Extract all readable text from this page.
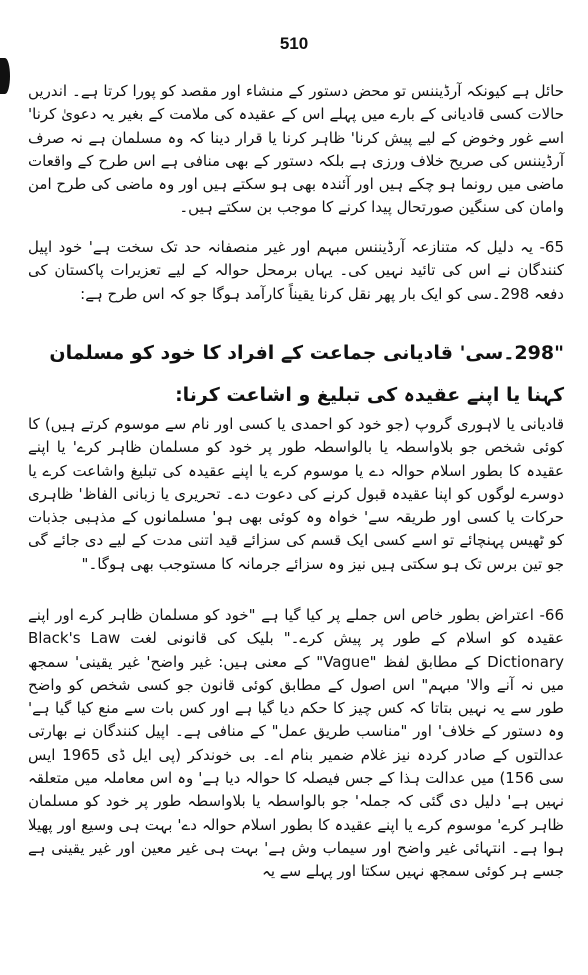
510
حائل ہے کیونکہ آرڈیننس تو محض دستور کے منشاء اور مقصد کو پورا کرتا ہے۔ اندریں حالات کسی قادیانی کے بارے میں پہلے اس کے عقیدہ کی ملامت کے بغیر یہ دعویٰ کرنا' اسے غور وخوض کے لیے پیش کرنا' ظاہر کرنا یا قرار دینا کہ وہ مسلمان ہے نہ صرف آرڈیننس کی صریح خلاف ورزی ہے بلکہ دستور کے بھی منافی ہے اس طرح کے واقعات ماضی میں رونما ہو چکے ہیں اور آئندہ بھی ہو سکتے ہیں اور وہ ماضی کی طرح امن وامان کی سنگین صورتحال پیدا کرنے کا موجب بن سکتے ہیں۔
65- یہ دلیل کہ متنازعہ آرڈیننس مبہم اور غیر منصفانہ حد تک سخت ہے' خود اپیل کنندگان نے اس کی تائید نہیں کی۔ یہاں برمحل حوالہ کے لیے تعزیرات پاکستان کی دفعہ 298۔سی کو ایک بار پھر نقل کرنا یقیناً کارآمد ہوگا جو کہ اس طرح ہے:
"298۔سی' قادیانی جماعت کے افراد کا خود کو مسلمان کہنا یا اپنے عقیدہ کی تبلیغ و اشاعت کرنا:
قادیانی یا لاہوری گروپ (جو خود کو احمدی یا کسی اور نام سے موسوم کرتے ہیں) کا کوئی شخص جو بلاواسطہ یا بالواسطہ طور پر خود کو مسلمان ظاہر کرے' یا اپنے عقیدہ کا بطور اسلام حوالہ دے یا موسوم کرے یا اپنے عقیدہ کی تبلیغ واشاعت کرے یا دوسرے لوگوں کو اپنا عقیدہ قبول کرنے کی دعوت دے۔ تحریری یا زبانی الفاظ' ظاہری حرکات یا کسی اور طریقہ سے' خواہ وہ کوئی بھی ہو' مسلمانوں کے مذہبی جذبات کو ٹھیس پہنچائے تو اسے کسی ایک قسم کی سزائے قید اتنی مدت کے لیے دی جائے گی جو تین برس تک ہو سکتی ہیں نیز وہ سزائے جرمانہ کا مستوجب بھی ہوگا۔"
66- اعتراض بطور خاص اس جملے پر کیا گیا ہے "خود کو مسلمان ظاہر کرے اور اپنے عقیدہ کو اسلام کے طور پر پیش کرے۔" بلیک کی قانونی لغت Black's Law Dictionary کے مطابق لفظ "Vague" کے معنی ہیں: غیر واضح' غیر یقینی' سمجھ میں نہ آنے والا' مبہم" اس اصول کے مطابق کوئی قانون جو کسی شخص کو واضح طور سے یہ نہیں بتاتا کہ کس چیز کا حکم دیا گیا ہے اور کس بات سے منع کیا گیا ہے' وہ دستور کے خلاف' اور "مناسب طریق عمل" کے منافی ہے۔ اپیل کنندگان نے بھارتی عدالتوں کے صادر کردہ نیز غلام ضمیر بنام اے۔ بی خوندکر (پی ایل ڈی 1965 ایس سی 156) میں عدالت ہذا کے جس فیصلہ کا حوالہ دیا ہے' وہ اس معاملہ میں متعلقہ نہیں ہے' دلیل دی گئی کہ جملہ' جو بالواسطہ یا بلاواسطہ طور پر خود کو مسلمان ظاہر کرے' موسوم کرے یا اپنے عقیدہ کا بطور اسلام حوالہ دے' بہت ہی وسیع اور پھیلا ہوا ہے۔ انتہائی غیر واضح اور سیماب وش ہے' بہت ہی غیر معین اور غیر یقینی ہے جسے ہر کوئی سمجھ نہیں سکتا اور پہلے سے یہ
